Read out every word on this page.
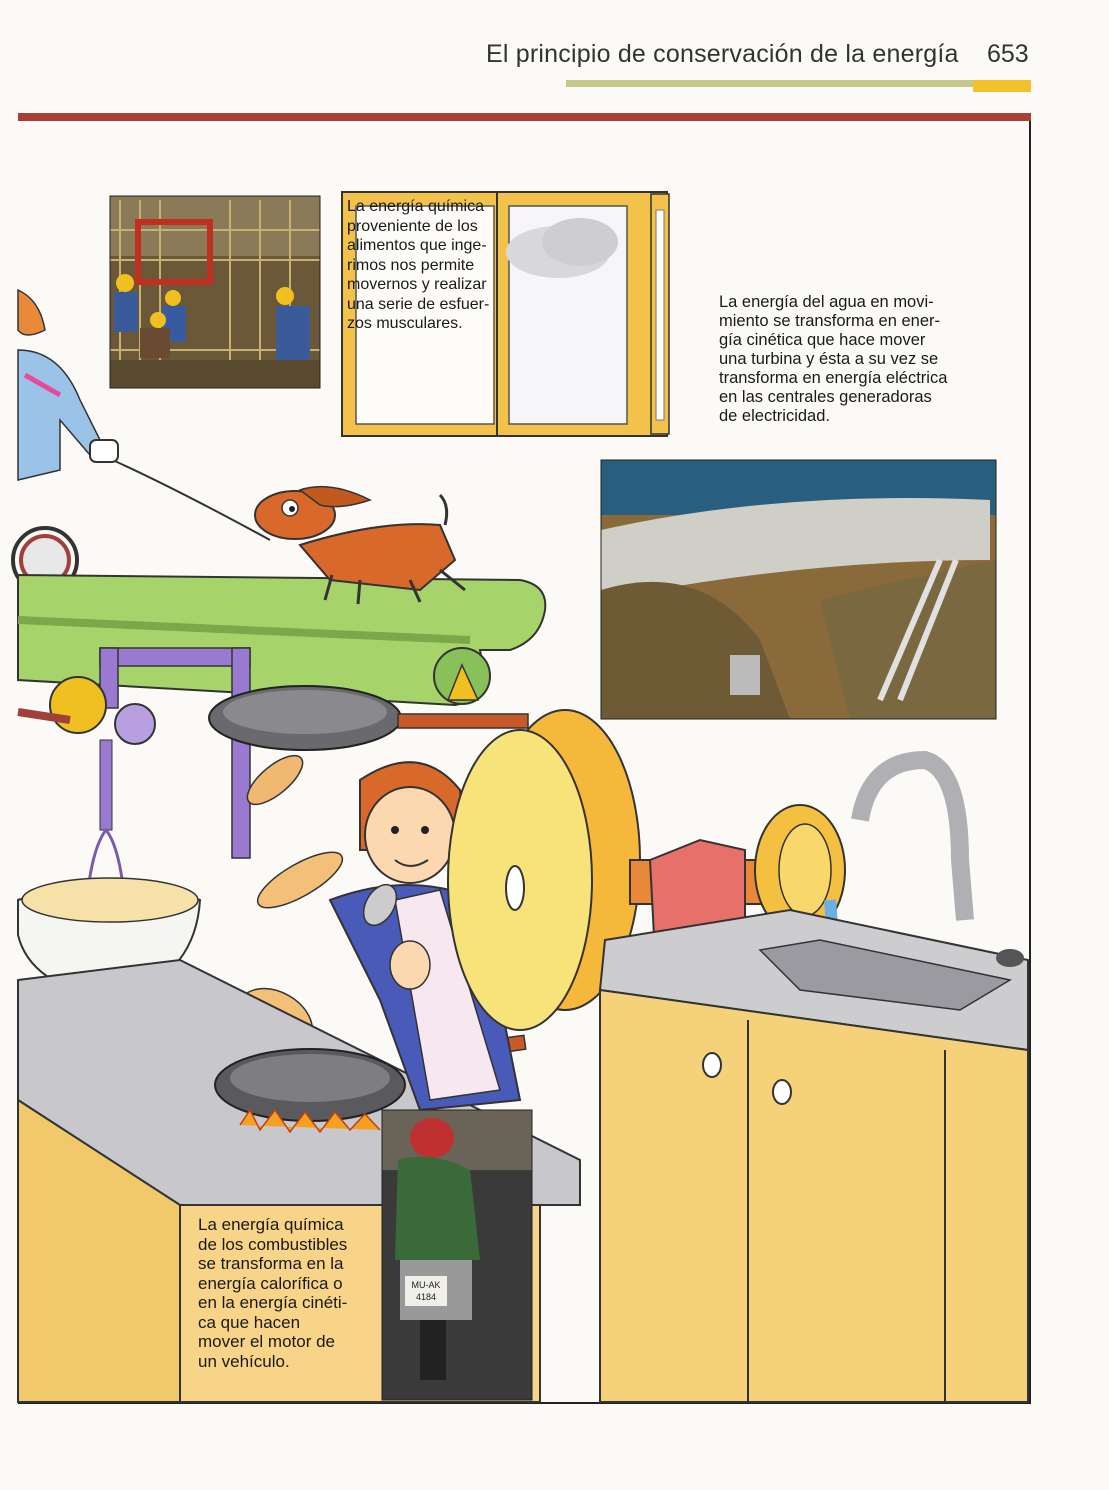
El principio de conservación de la energía 653
MU-AK
4184
La energía química
proveniente de los
alimentos que inge-
rimos nos permite
movernos y realizar
una serie de esfuer-
zos musculares.
La energía del agua en movi-
miento se transforma en ener-
gía cinética que hace mover
una turbina y ésta a su vez se
transforma en energía eléctrica
en las centrales generadoras
de electricidad.
La energía química
de los combustibles
se transforma en la
energía calorífica o
en la energía cinéti-
ca que hacen
mover el motor de
un vehículo.
